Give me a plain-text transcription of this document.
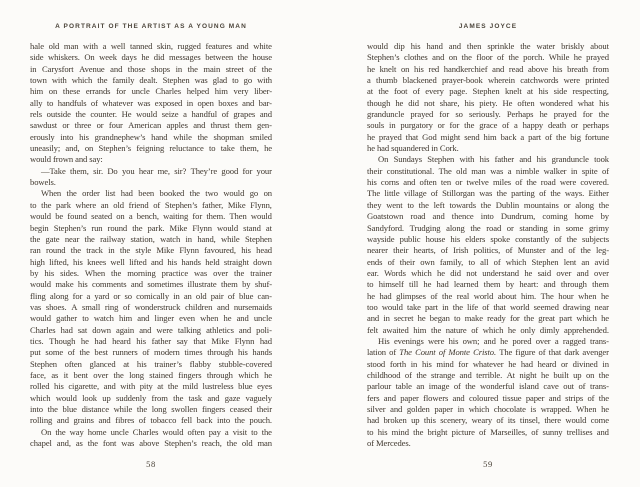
A PORTRAIT OF THE ARTIST AS A YOUNG MAN
hale old man with a well tanned skin, rugged features and white
side whiskers. On week days he did messages between the house
in Carysfort Avenue and those shops in the main street of the
town with which the family dealt. Stephen was glad to go with
him on these errands for uncle Charles helped him very liber-
ally to handfuls of whatever was exposed in open boxes and bar-
rels outside the counter. He would seize a handful of grapes and
sawdust or three or four American apples and thrust them gen-
erously into his grandnephew’s hand while the shopman smiled
uneasily; and, on Stephen’s feigning reluctance to take them, he
would frown and say:
—Take them, sir. Do you hear me, sir? They’re good for your
bowels.
When the order list had been booked the two would go on
to the park where an old friend of Stephen’s father, Mike Flynn,
would be found seated on a bench, waiting for them. Then would
begin Stephen’s run round the park. Mike Flynn would stand at
the gate near the railway station, watch in hand, while Stephen
ran round the track in the style Mike Flynn favoured, his head
high lifted, his knees well lifted and his hands held straight down
by his sides. When the morning practice was over the trainer
would make his comments and sometimes illustrate them by shuf-
fling along for a yard or so comically in an old pair of blue can-
vas shoes. A small ring of wonderstruck children and nursemaids
would gather to watch him and linger even when he and uncle
Charles had sat down again and were talking athletics and poli-
tics. Though he had heard his father say that Mike Flynn had
put some of the best runners of modern times through his hands
Stephen often glanced at his trainer’s flabby stubble-covered
face, as it bent over the long stained fingers through which he
rolled his cigarette, and with pity at the mild lustreless blue eyes
which would look up suddenly from the task and gaze vaguely
into the blue distance while the long swollen fingers ceased their
rolling and grains and fibres of tobacco fell back into the pouch.
On the way home uncle Charles would often pay a visit to the
chapel and, as the font was above Stephen’s reach, the old man
58
JAMES JOYCE
would dip his hand and then sprinkle the water briskly about
Stephen’s clothes and on the floor of the porch. While he prayed
he knelt on his red handkerchief and read above his breath from
a thumb blackened prayer-book wherein catchwords were printed
at the foot of every page. Stephen knelt at his side respecting,
though he did not share, his piety. He often wondered what his
granduncle prayed for so seriously. Perhaps he prayed for the
souls in purgatory or for the grace of a happy death or perhaps
he prayed that God might send him back a part of the big fortune
he had squandered in Cork.
On Sundays Stephen with his father and his granduncle took
their constitutional. The old man was a nimble walker in spite of
his corns and often ten or twelve miles of the road were covered.
The little village of Stillorgan was the parting of the ways. Either
they went to the left towards the Dublin mountains or along the
Goatstown road and thence into Dundrum, coming home by
Sandyford. Trudging along the road or standing in some grimy
wayside public house his elders spoke constantly of the subjects
nearer their hearts, of Irish politics, of Munster and of the leg-
ends of their own family, to all of which Stephen lent an avid
ear. Words which he did not understand he said over and over
to himself till he had learned them by heart: and through them
he had glimpses of the real world about him. The hour when he
too would take part in the life of that world seemed drawing near
and in secret he began to make ready for the great part which he
felt awaited him the nature of which he only dimly apprehended.
His evenings were his own; and he pored over a ragged trans-
lation of The Count of Monte Cristo. The figure of that dark avenger
stood forth in his mind for whatever he had heard or divined in
childhood of the strange and terrible. At night he built up on the
parlour table an image of the wonderful island cave out of trans-
fers and paper flowers and coloured tissue paper and strips of the
silver and golden paper in which chocolate is wrapped. When he
had broken up this scenery, weary of its tinsel, there would come
to his mind the bright picture of Marseilles, of sunny trellises and
of Mercedes.
59
